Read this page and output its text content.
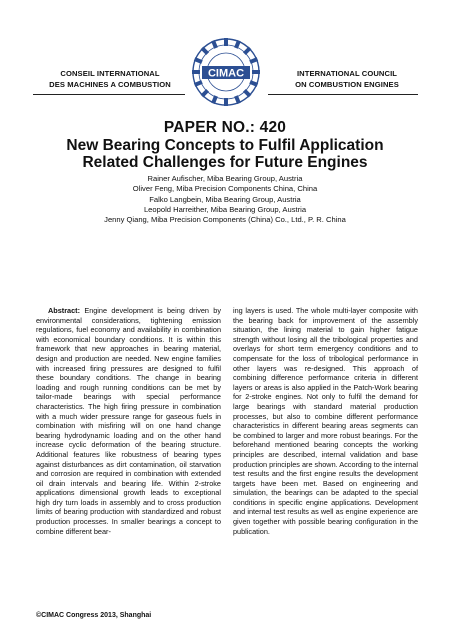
CONSEIL INTERNATIONAL
DES MACHINES A COMBUSTION
CIMAC	INTERNATIONAL COUNCIL
ON COMBUSTION ENGINES
PAPER NO.: 420
New Bearing Concepts to Fulfil Application
Related Challenges for Future Engines
Rainer Aufischer, Miba Bearing Group, Austria
Oliver Feng, Miba Precision Components China, China
Falko Langbein, Miba Bearing Group, Austria
Leopold Harreither, Miba Bearing Group, Austria
Jenny Qiang, Miba Precision Components (China) Co., Ltd., P. R. China

Abstract: Engine development is being driven by environmental considerations, tightening emission regulations, fuel economy and availability in combination with economical boundary conditions. It is within this framework that new approaches in bearing material, design and production are needed. New engine families with increased firing pressures are designed to fulfil these boundary conditions. The change in bearing loading and rough running conditions can be met by tailor-made bearings with special performance characteristics. The high firing pressure in combination with a much wider pressure range for gaseous fuels in combination with misfiring will on one hand change bearing hydrodynamic loading and on the other hand increase cyclic deformation of the bearing structure. Additional features like robustness of bearing types against disturbances as dirt contamination, oil starvation and corrosion are required in combination with extended oil drain intervals and bearing life. Within 2-stroke applications dimensional growth leads to exceptional high dry turn loads in assembly and to cross production limits of bearing production with standardized and robust production processes. In smaller bearings a concept to combine different bear-

ing layers is used. The whole multi-layer composite with the bearing back for improvement of the assembly situation, the lining material to gain higher fatigue strength without losing all the tribological properties and overlays for short term emergency conditions and to compensate for the loss of tribological performance in other layers was re-designed. This approach of combining difference performance criteria in different layers or areas is also applied in the Patch-Work bearing for 2-stroke engines. Not only to fulfil the demand for large bearings with standard material production processes, but also to combine different performance characteristics in different bearing areas segments can be combined to larger and more robust bearings. For the beforehand mentioned bearing concepts the working principles are described, internal validation and base production principles are shown. According to the internal test results and the first engine results the development targets have been met. Based on engineering and simulation, the bearings can be adapted to the special conditions in specific engine applications. Development and internal test results as well as engine experience are given together with possible bearing configuration in the publication.

©CIMAC Congress 2013, Shanghai
